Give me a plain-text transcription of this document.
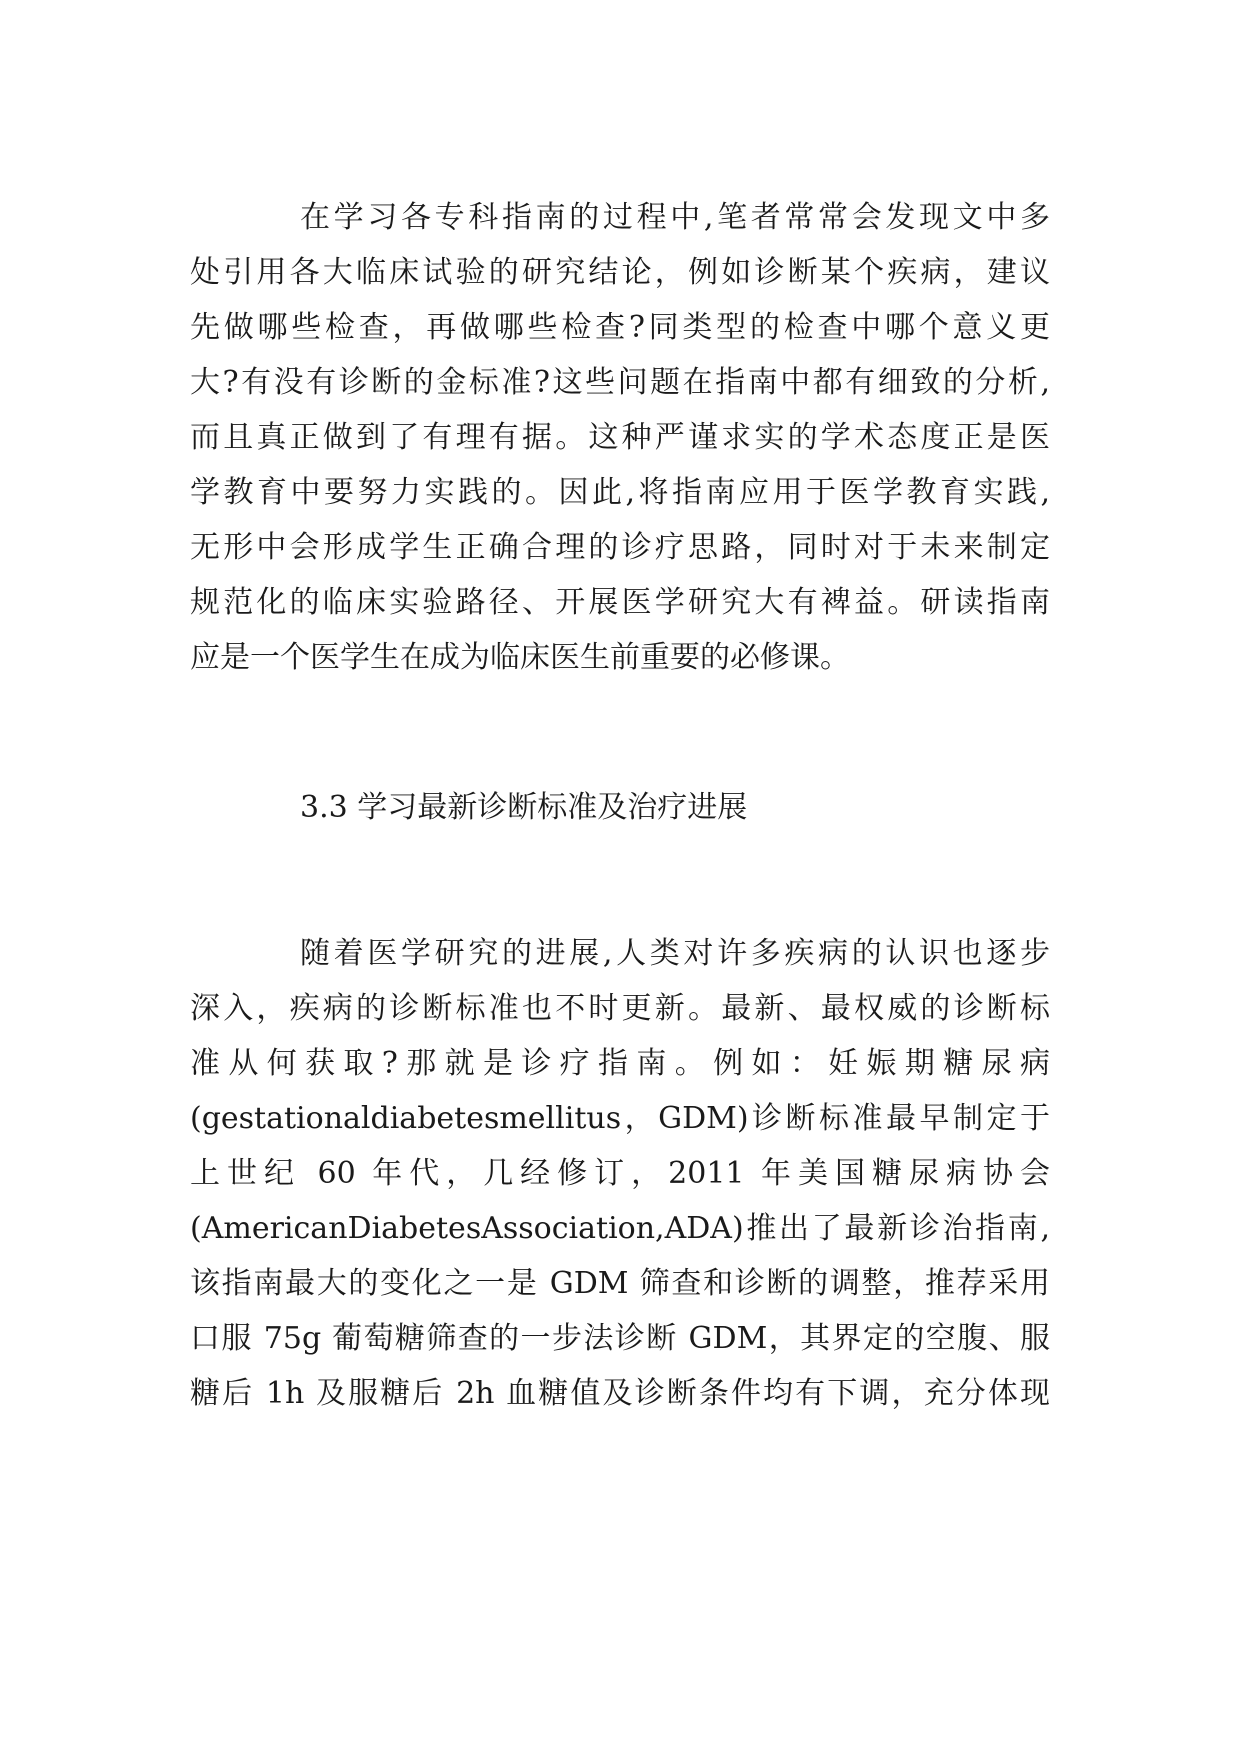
在学习各专科指南的过程中,笔者常常会发现文中多
处引用各大临床试验的研究结论，例如诊断某个疾病，建议
先做哪些检查，再做哪些检查?同类型的检查中哪个意义更
大?有没有诊断的金标准?这些问题在指南中都有细致的分析,
而且真正做到了有理有据。这种严谨求实的学术态度正是医
学教育中要努力实践的。因此,将指南应用于医学教育实践,
无形中会形成学生正确合理的诊疗思路，同时对于未来制定
规范化的临床实验路径、开展医学研究大有裨益。研读指南
应是一个医学生在成为临床医生前重要的必修课。
3.3 学习最新诊断标准及治疗进展
随着医学研究的进展,人类对许多疾病的认识也逐步
深入，疾病的诊断标准也不时更新。最新、最权威的诊断标
准从何获取?那就是诊疗指南。例如：妊娠期糖尿病
(gestationaldiabetesmellitus，GDM)诊断标准最早制定于
上世纪 60 年代，几经修订，2011 年美国糖尿病协会
(AmericanDiabetesAssociation,ADA)推出了最新诊治指南,
该指南最大的变化之一是 GDM 筛查和诊断的调整，推荐采用
口服 75g 葡萄糖筛查的一步法诊断 GDM，其界定的空腹、服
糖后 1h 及服糖后 2h 血糖值及诊断条件均有下调，充分体现
